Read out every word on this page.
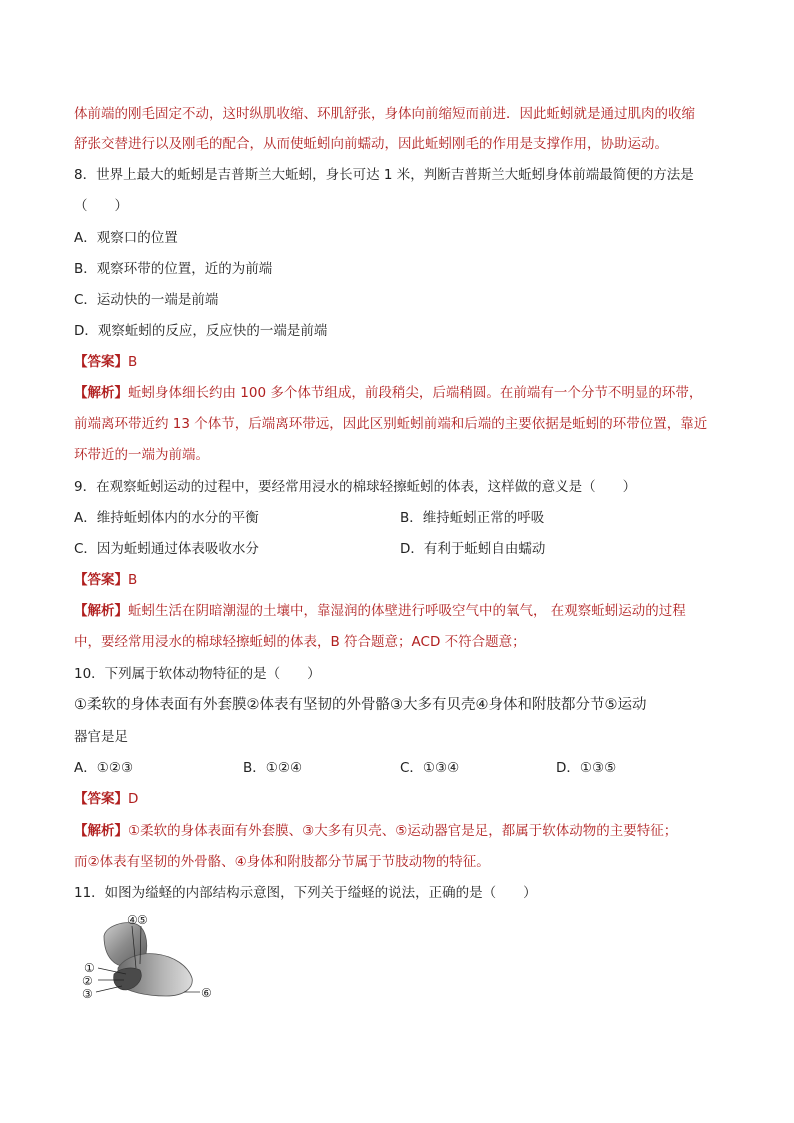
体前端的刚毛固定不动，这时纵肌收缩、环肌舒张，身体向前缩短而前进．因此蚯蚓就是通过肌肉的收缩
舒张交替进行以及刚毛的配合，从而使蚯蚓向前蠕动，因此蚯蚓刚毛的作用是支撑作用，协助运动。
8．世界上最大的蚯蚓是吉普斯兰大蚯蚓，身长可达 1 米，判断吉普斯兰大蚯蚓身体前端最简便的方法是
（　　）
A．观察口的位置
B．观察环带的位置，近的为前端
C．运动快的一端是前端
D．观察蚯蚓的反应，反应快的一端是前端
【答案】B
【解析】蚯蚓身体细长约由 100 多个体节组成，前段稍尖，后端稍圆。在前端有一个分节不明显的环带，
前端离环带近约 13 个体节，后端离环带远，因此区别蚯蚓前端和后端的主要依据是蚯蚓的环带位置，靠近
环带近的一端为前端。
9．在观察蚯蚓运动的过程中，要经常用浸水的棉球轻擦蚯蚓的体表，这样做的意义是（　　）
A．维持蚯蚓体内的水分的平衡	B．维持蚯蚓正常的呼吸
C．因为蚯蚓通过体表吸收水分	D．有利于蚯蚓自由蠕动
【答案】B
【解析】蚯蚓生活在阴暗潮湿的土壤中，靠湿润的体壁进行呼吸空气中的氧气， 在观察蚯蚓运动的过程
中，要经常用浸水的棉球轻擦蚯蚓的体表，B 符合题意；ACD 不符合题意；
10．下列属于软体动物特征的是（　　）
①柔软的身体表面有外套膜②体表有坚韧的外骨骼③大多有贝壳④身体和附肢都分节⑤运动
器官是足
A．①②③	B．①②④	C．①③④	D．①③⑤
【答案】D
【解析】①柔软的身体表面有外套膜、③大多有贝壳、⑤运动器官是足，都属于软体动物的主要特征；
而②体表有坚韧的外骨骼、④身体和附肢都分节属于节肢动物的特征。
11．如图为缢蛏的内部结构示意图，下列关于缢蛏的说法，正确的是（　　）
④ ⑤
①
②
③	⑥
